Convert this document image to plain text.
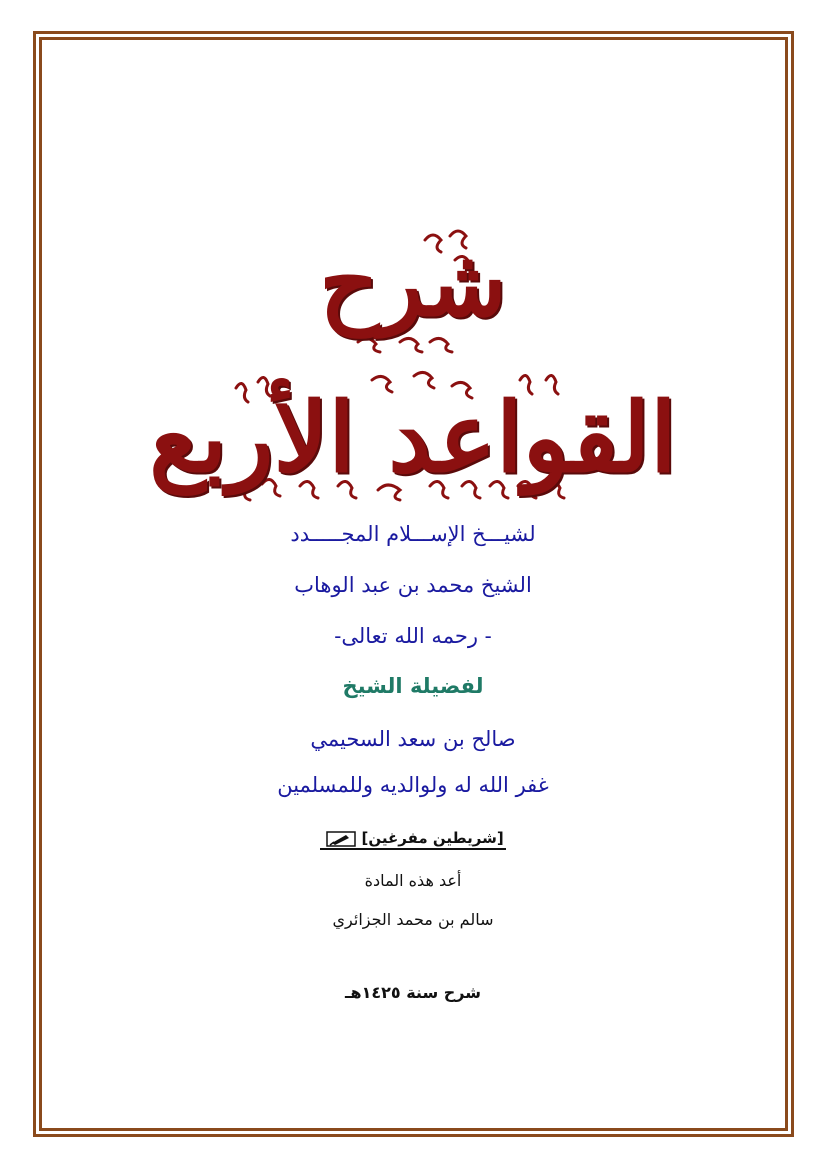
شرح
القواعد الأربع
لشيـــخ الإســـلام المجـــــدد
الشيخ محمد بن عبد الوهاب
- رحمه الله تعالى-
لفضيلة الشيخ
صالح بن سعد السحيمي
غفر الله له ولوالديه وللمسلمين
[شريطين مفرغين]
أعد هذه المادة
سالم بن محمد الجزائري
شرح سنة ١٤٢٥هـ
